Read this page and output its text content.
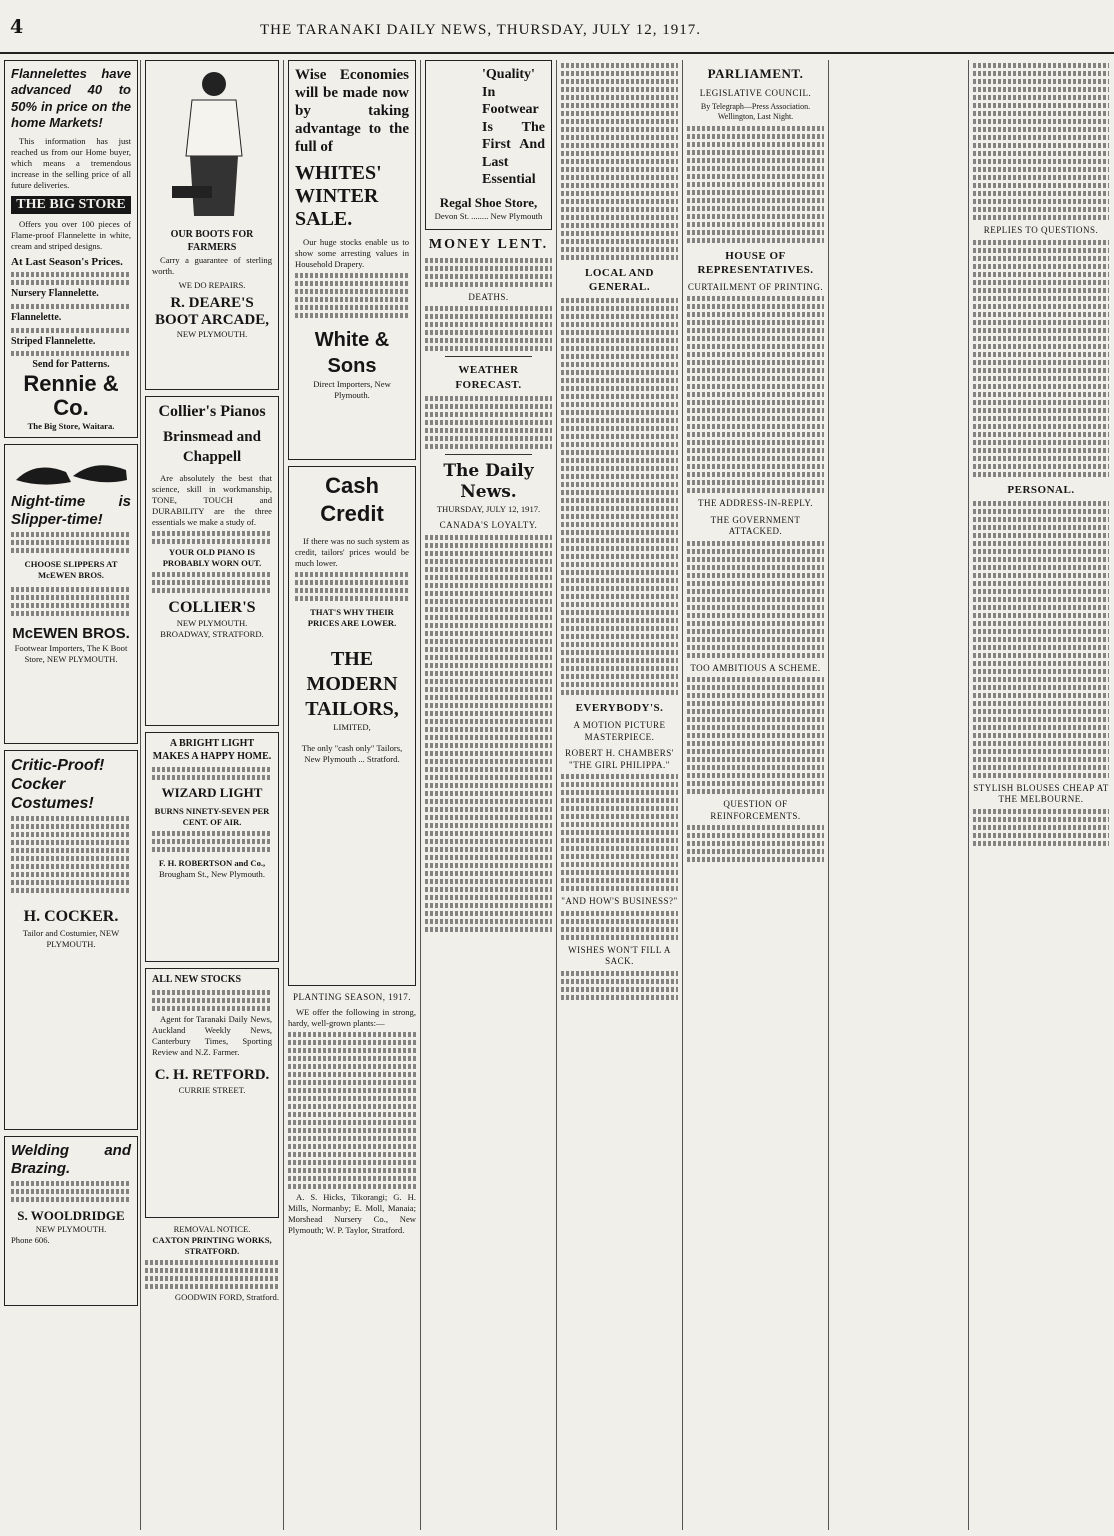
4	THE TARANAKI DAILY NEWS, THURSDAY, JULY 12, 1917.
Flannelettes have advanced 40 to 50% in price on the home Markets!

This information has just reached us from our Home buyer, which means a tremendous increase in the selling price of all future deliveries.

THE BIG STORE

Offers you over 100 pieces of Flame-proof Flannelette in white, cream and striped designs.

At Last Season's Prices.
Nursery Flannelette.
Flannelette.
Striped Flannelette.
Send for Patterns.
Rennie & Co.
The Big Store, Waitara.
Night-time is Slipper-time!
CHOOSE SLIPPERS AT McEWEN BROS.
McEWEN BROS.
Footwear Importers, The K Boot Store, NEW PLYMOUTH.
Critic-Proof! Cocker Costumes!
H. COCKER.
Tailor and Costumier, NEW PLYMOUTH.
Welding and Brazing.
S. WOOLDRIDGE
NEW PLYMOUTH.
Phone 606.
OUR BOOTS FOR FARMERS

Carry a guarantee of sterling worth.

WE DO REPAIRS.
R. DEARE'S BOOT ARCADE,
NEW PLYMOUTH.
Collier's Pianos
Brinsmead and Chappell

Are absolutely the best that science, skill in workmanship, TONE, TOUCH and DURABILITY are the three essentials we make a study of.

YOUR OLD PIANO IS PROBABLY WORN OUT.
COLLIER'S
NEW PLYMOUTH. BROADWAY, STRATFORD.
A BRIGHT LIGHT MAKES A HAPPY HOME.
WIZARD LIGHT
BURNS NINETY-SEVEN PER CENT. OF AIR.
F. H. ROBERTSON and Co.,
Brougham St., New Plymouth.
ALL NEW STOCKS

Agent for Taranaki Daily News, Auckland Weekly News, Canterbury Times, Sporting Review and N.Z. Farmer.

C. H. RETFORD.
CURRIE STREET.
REMOVAL NOTICE.
CAXTON PRINTING WORKS, STRATFORD.
GOODWIN FORD, Stratford.
Wise Economies will be made now by taking advantage to the full of
WHITES' WINTER SALE.

Our huge stocks enable us to show some arresting values in Household Drapery.

White & Sons
Direct Importers, New Plymouth.
Cash Credit

If there was no such system as credit, tailors' prices would be much lower.

THAT'S WHY THEIR PRICES ARE LOWER.
THE MODERN TAILORS,
LIMITED,
The only "cash only" Tailors, New Plymouth ... Stratford.
PLANTING SEASON, 1917.

WE offer the following in strong, hardy, well-grown plants:—

A. S. Hicks, Tikorangi; G. H. Mills, Normanby; E. Moll, Manaia; Morshead Nursery Co., New Plymouth; W. P. Taylor, Stratford.

'Quality' In Footwear Is The First And Last Essential
Regal Shoe Store,
Devon St. ........ New Plymouth
MONEY LENT.
DEATHS.
WEATHER FORECAST.
The Daily News.
THURSDAY, JULY 12, 1917.
CANADA'S LOYALTY.
LOCAL AND GENERAL.
EVERYBODY'S.
A MOTION PICTURE MASTERPIECE.
ROBERT H. CHAMBERS' "THE GIRL PHILIPPA."
"AND HOW'S BUSINESS?"
WISHES WON'T FILL A SACK.
PARLIAMENT.
LEGISLATIVE COUNCIL.
By Telegraph—Press Association. Wellington, Last Night.
HOUSE OF REPRESENTATIVES.
CURTAILMENT OF PRINTING.
THE ADDRESS-IN-REPLY.
THE GOVERNMENT ATTACKED.
TOO AMBITIOUS A SCHEME.
QUESTION OF REINFORCEMENTS.
REPLIES TO QUESTIONS.
PERSONAL.
STYLISH BLOUSES CHEAP AT THE MELBOURNE.
